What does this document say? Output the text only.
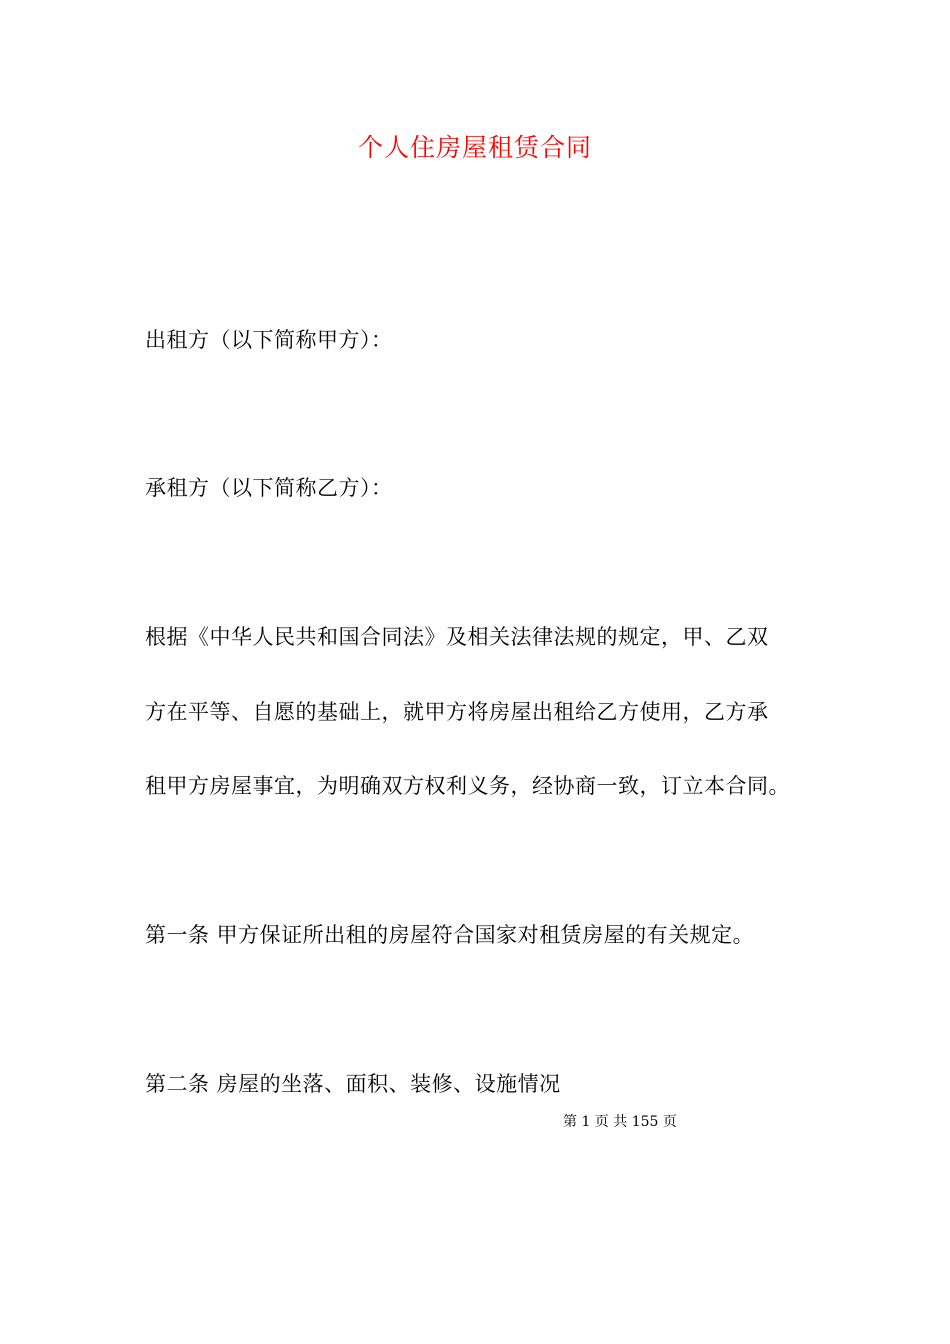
个人住房屋租赁合同
出租方（以下简称甲方）：
承租方（以下简称乙方）：
根据《中华人民共和国合同法》及相关法律法规的规定，甲、乙双
方在平等、自愿的基础上，就甲方将房屋出租给乙方使用，乙方承
租甲方房屋事宜，为明确双方权利义务，经协商一致，订立本合同。
第一条 甲方保证所出租的房屋符合国家对租赁房屋的有关规定。
第二条 房屋的坐落、面积、装修、设施情况
第 1 页 共 155 页
